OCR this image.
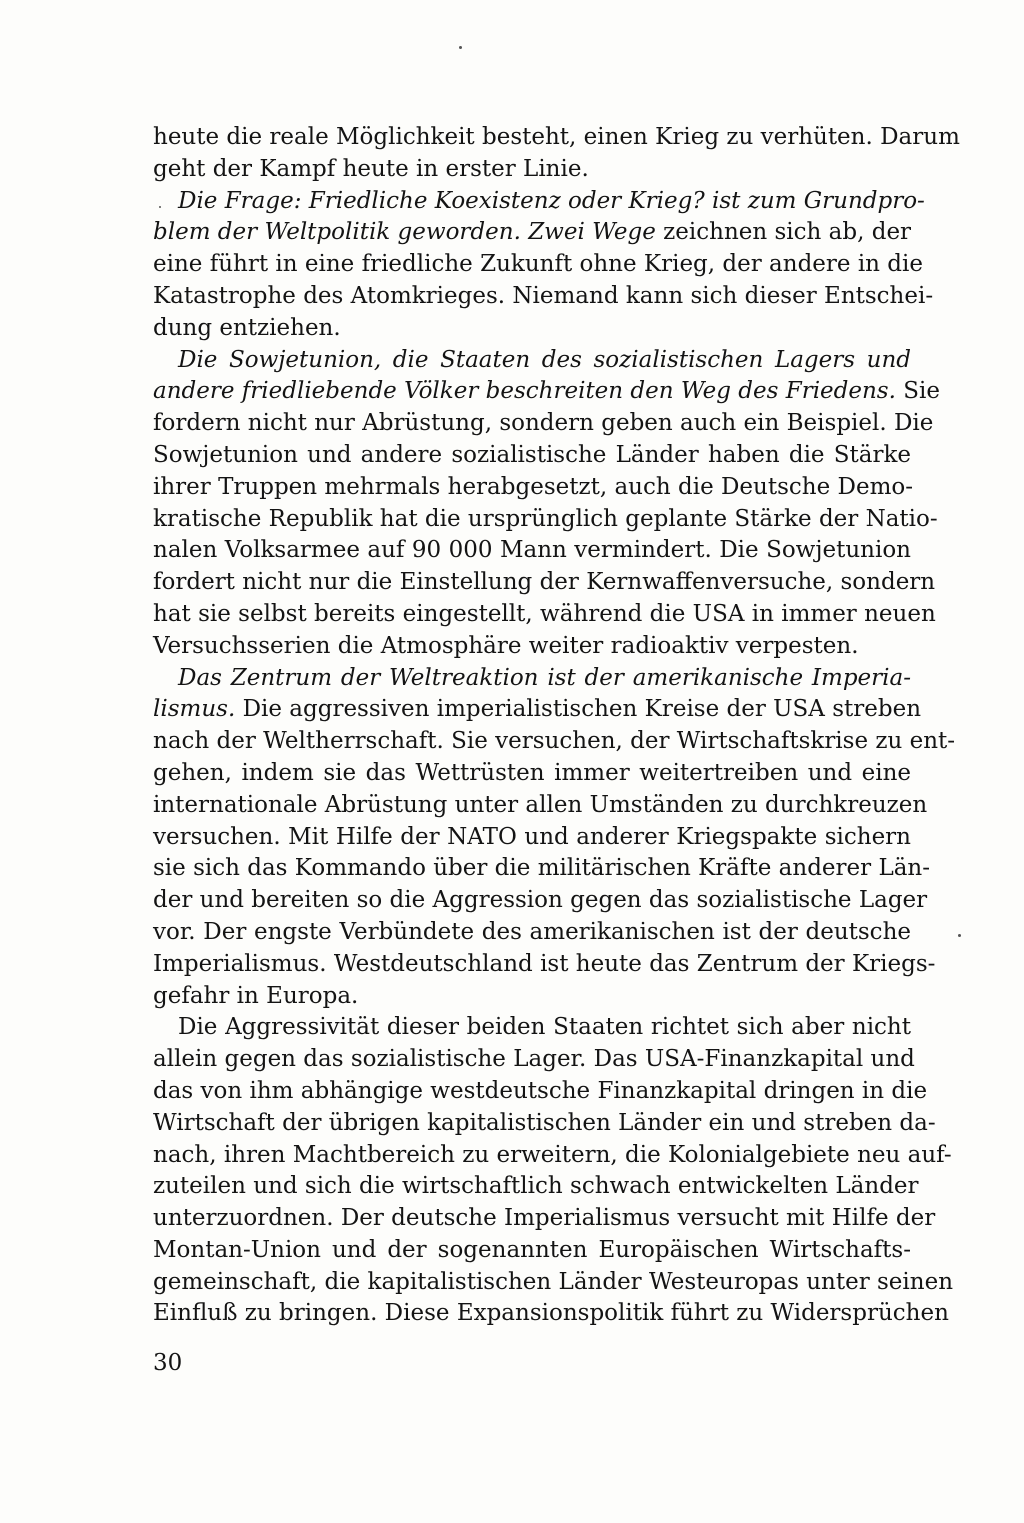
heute die reale Möglichkeit besteht, einen Krieg zu verhüten. Darum
geht der Kampf heute in erster Linie.
Die Frage: Friedliche Koexistenz oder Krieg? ist zum Grundpro-
blem der Weltpolitik geworden. Zwei Wege zeichnen sich ab, der
eine führt in eine friedliche Zukunft ohne Krieg, der andere in die
Katastrophe des Atomkrieges. Niemand kann sich dieser Entschei-
dung entziehen.
Die Sowjetunion, die Staaten des sozialistischen Lagers und
andere friedliebende Völker beschreiten den Weg des Friedens. Sie
fordern nicht nur Abrüstung, sondern geben auch ein Beispiel. Die
Sowjetunion und andere sozialistische Länder haben die Stärke
ihrer Truppen mehrmals herabgesetzt, auch die Deutsche Demo-
kratische Republik hat die ursprünglich geplante Stärke der Natio-
nalen Volksarmee auf 90 000 Mann vermindert. Die Sowjetunion
fordert nicht nur die Einstellung der Kernwaffenversuche, sondern
hat sie selbst bereits eingestellt, während die USA in immer neuen
Versuchsserien die Atmosphäre weiter radioaktiv verpesten.
Das Zentrum der Weltreaktion ist der amerikanische Imperia-
lismus. Die aggressiven imperialistischen Kreise der USA streben
nach der Weltherrschaft. Sie versuchen, der Wirtschaftskrise zu ent-
gehen, indem sie das Wettrüsten immer weitertreiben und eine
internationale Abrüstung unter allen Umständen zu durchkreuzen
versuchen. Mit Hilfe der NATO und anderer Kriegspakte sichern
sie sich das Kommando über die militärischen Kräfte anderer Län-
der und bereiten so die Aggression gegen das sozialistische Lager
vor. Der engste Verbündete des amerikanischen ist der deutsche
Imperialismus. Westdeutschland ist heute das Zentrum der Kriegs-
gefahr in Europa.
Die Aggressivität dieser beiden Staaten richtet sich aber nicht
allein gegen das sozialistische Lager. Das USA-Finanzkapital und
das von ihm abhängige westdeutsche Finanzkapital dringen in die
Wirtschaft der übrigen kapitalistischen Länder ein und streben da-
nach, ihren Machtbereich zu erweitern, die Kolonialgebiete neu auf-
zuteilen und sich die wirtschaftlich schwach entwickelten Länder
unterzuordnen. Der deutsche Imperialismus versucht mit Hilfe der
Montan-Union und der sogenannten Europäischen Wirtschafts-
gemeinschaft, die kapitalistischen Länder Westeuropas unter seinen
Einfluß zu bringen. Diese Expansionspolitik führt zu Widersprüchen
30
